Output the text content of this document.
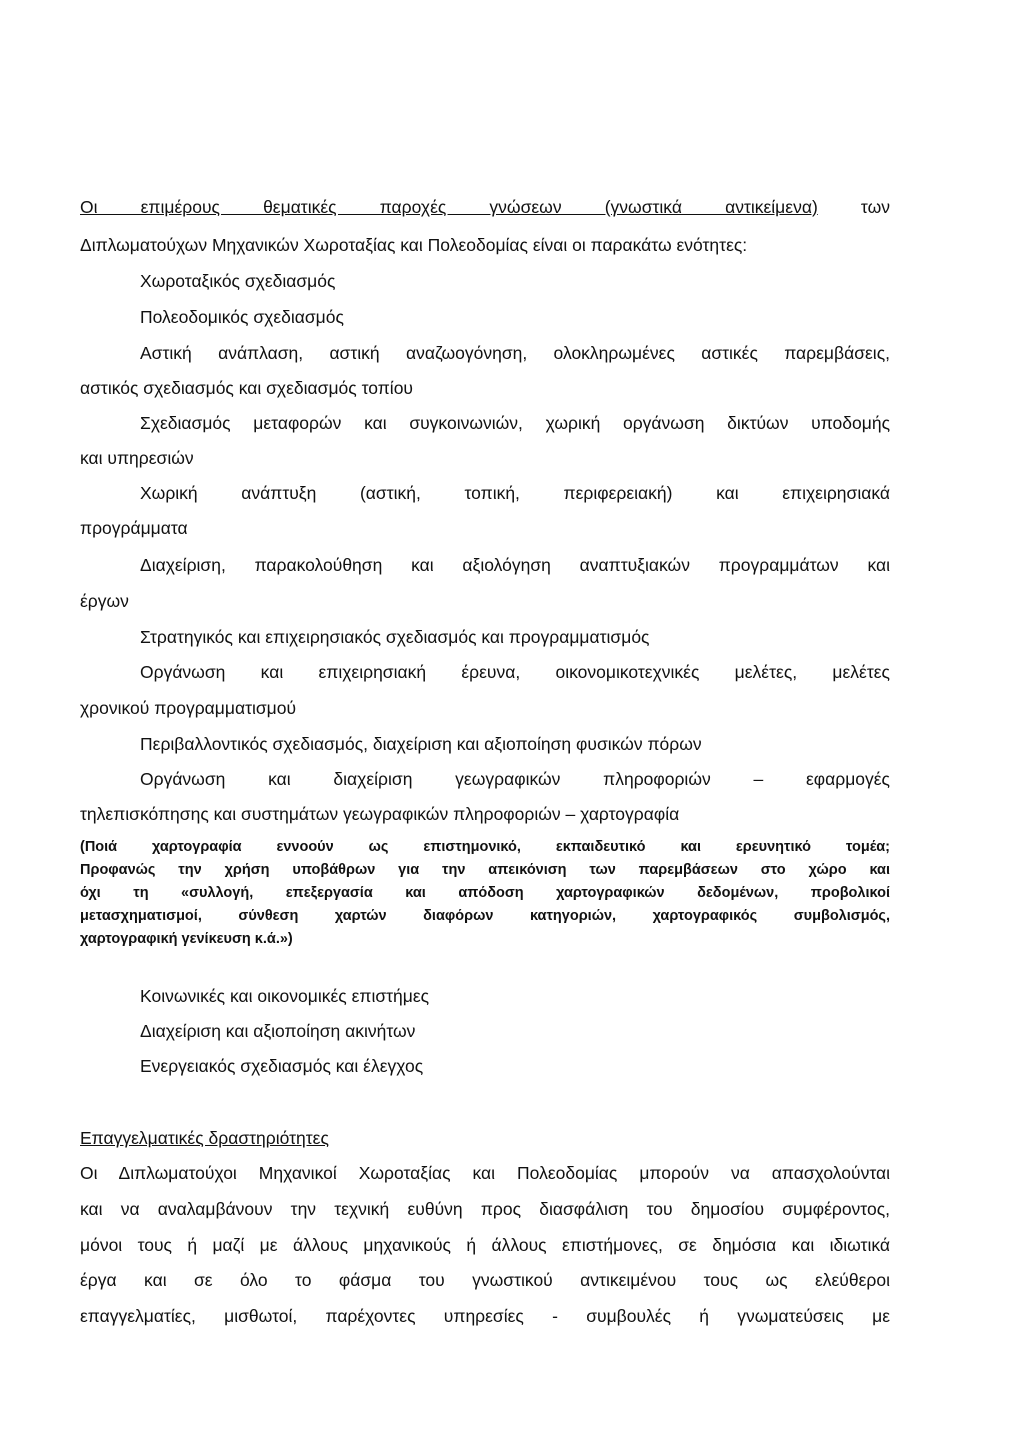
Οι επιμέρους θεματικές παροχές γνώσεων (γνωστικά αντικείμενα) των
Διπλωματούχων Μηχανικών Χωροταξίας και Πολεοδομίας είναι οι παρακάτω ενότητες:
Χωροταξικός σχεδιασμός
Πολεοδομικός σχεδιασμός
Αστική ανάπλαση, αστική αναζωογόνηση, ολοκληρωμένες αστικές παρεμβάσεις,
αστικός σχεδιασμός και σχεδιασμός τοπίου
Σχεδιασμός μεταφορών και συγκοινωνιών, χωρική οργάνωση δικτύων υποδομής
και υπηρεσιών
Χωρική ανάπτυξη (αστική, τοπική, περιφερειακή) και επιχειρησιακά
προγράμματα
Διαχείριση, παρακολούθηση και αξιολόγηση αναπτυξιακών προγραμμάτων και
έργων
Στρατηγικός και επιχειρησιακός σχεδιασμός και προγραμματισμός
Οργάνωση και επιχειρησιακή έρευνα, οικονομικοτεχνικές μελέτες, μελέτες
χρονικού προγραμματισμού
Περιβαλλοντικός σχεδιασμός, διαχείριση και αξιοποίηση φυσικών πόρων
Οργάνωση και διαχείριση γεωγραφικών πληροφοριών – εφαρμογές
τηλεπισκόπησης και συστημάτων γεωγραφικών πληροφοριών – χαρτογραφία
(Ποιά χαρτογραφία εννοούν ως επιστημονικό, εκπαιδευτικό και ερευνητικό τομέα;
Προφανώς την χρήση υποβάθρων για την απεικόνιση των παρεμβάσεων στο χώρο και
όχι τη «συλλογή, επεξεργασία και απόδοση χαρτογραφικών δεδομένων, προβολικοί
μετασχηματισμοί, σύνθεση χαρτών διαφόρων κατηγοριών, χαρτογραφικός συμβολισμός,
χαρτογραφική γενίκευση κ.ά.»)
Κοινωνικές και οικονομικές επιστήμες
Διαχείριση και αξιοποίηση ακινήτων
Ενεργειακός σχεδιασμός και έλεγχος
Επαγγελματικές δραστηριότητες
Οι Διπλωματούχοι Μηχανικοί Χωροταξίας και Πολεοδομίας μπορούν να απασχολούνται
και να αναλαμβάνουν την τεχνική ευθύνη προς διασφάλιση του δημοσίου συμφέροντος,
μόνοι τους ή μαζί με άλλους μηχανικούς ή άλλους επιστήμονες, σε δημόσια και ιδιωτικά
έργα και σε όλο το φάσμα του γνωστικού αντικειμένου τους ως ελεύθεροι
επαγγελματίες, μισθωτοί, παρέχοντες υπηρεσίες - συμβουλές ή γνωματεύσεις με
